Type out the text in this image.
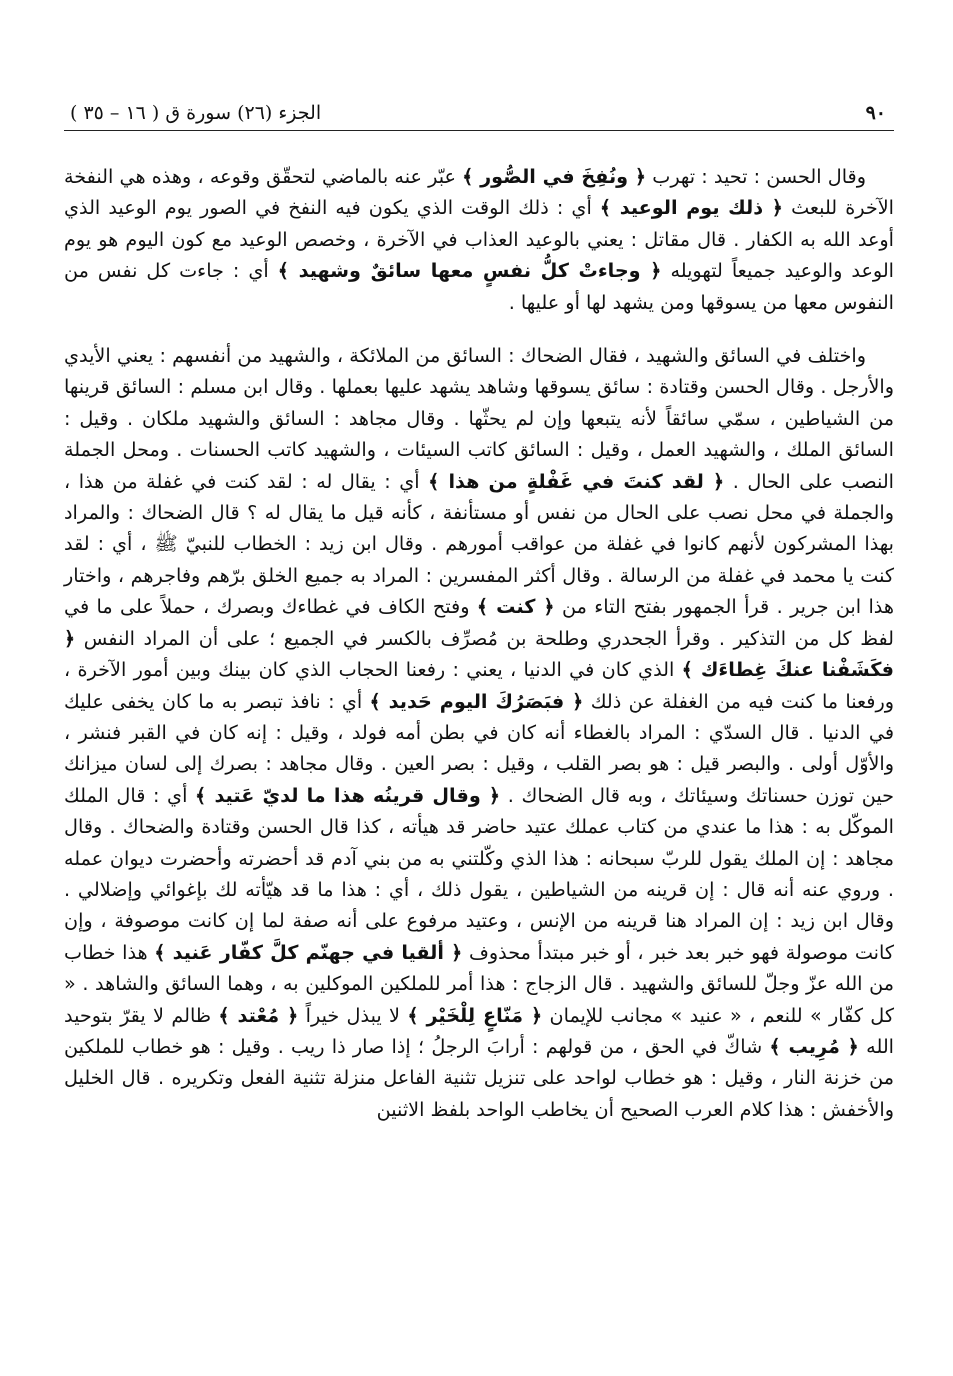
٩٠
الجزء (٢٦) سورة ق ( ١٦ – ٣٥ )

وقال الحسن : تحيد : تهرب ﴿ ونُفِخَ في الصُّور ﴾ عبّر عنه بالماضي لتحقّق وقوعه ، وهذه هي النفخة الآخرة للبعث ﴿ ذلك يوم الوعيد ﴾ أي : ذلك الوقت الذي يكون فيه النفخ في الصور يوم الوعيد الذي أوعد الله به الكفار . قال مقاتل : يعني بالوعيد العذاب في الآخرة ، وخصص الوعيد مع كون اليوم هو يوم الوعد والوعيد جميعاً لتهويله ﴿ وجاءتْ كلُّ نفسٍ معها سائقٌ وشهيد ﴾ أي : جاءت كل نفس من النفوس معها من يسوقها ومن يشهد لها أو عليها .

واختلف في السائق والشهيد ، فقال الضحاك : السائق من الملائكة ، والشهيد من أنفسهم : يعني الأيدي والأرجل . وقال الحسن وقتادة : سائق يسوقها وشاهد يشهد عليها بعملها . وقال ابن مسلم : السائق قرينها من الشياطين ، سمّي سائقاً لأنه يتبعها وإن لم يحثّها . وقال مجاهد : السائق والشهيد ملكان . وقيل : السائق الملك ، والشهيد العمل ، وقيل : السائق كاتب السيئات ، والشهيد كاتب الحسنات . ومحل الجملة النصب على الحال . ﴿ لقد كنتَ في غَفْلةٍ من هذا ﴾ أي : يقال له : لقد كنت في غفلة من هذا ، والجملة في محل نصب على الحال من نفس أو مستأنفة ، كأنه قيل ما يقال له ؟ قال الضحاك : والمراد بهذا المشركون لأنهم كانوا في غفلة من عواقب أمورهم . وقال ابن زيد : الخطاب للنبيّ ﷺ ، أي : لقد كنت يا محمد في غفلة من الرسالة . وقال أكثر المفسرين : المراد به جميع الخلق برّهم وفاجرهم ، واختار هذا ابن جرير . قرأ الجمهور بفتح التاء من ﴿ كنت ﴾ وفتح الكاف في غطاءك وبصرك ، حملاً على ما في لفظ كل من التذكير . وقرأ الجحدري وطلحة بن مُصرِّف بالكسر في الجميع ؛ على أن المراد النفس ﴿ فكَشَفْنا عنكَ غِطاءَك ﴾ الذي كان في الدنيا ، يعني : رفعنا الحجاب الذي كان بينك وبين أمور الآخرة ، ورفعنا ما كنت فيه من الغفلة عن ذلك ﴿ فبَصَرُكَ اليوم حَديد ﴾ أي : نافذ تبصر به ما كان يخفى عليك في الدنيا . قال السدّي : المراد بالغطاء أنه كان في بطن أمه فولد ، وقيل : إنه كان في القبر فنشر ، والأوّل أولى . والبصر قيل : هو بصر القلب ، وقيل : بصر العين . وقال مجاهد : بصرك إلى لسان ميزانك حين توزن حسناتك وسيئاتك ، وبه قال الضحاك . ﴿ وقال قرينُه هذا ما لديّ عَتيد ﴾ أي : قال الملك الموكّل به : هذا ما عندي من كتاب عملك عتيد حاضر قد هيأته ، كذا قال الحسن وقتادة والضحاك . وقال مجاهد : إن الملك يقول للربّ سبحانه : هذا الذي وكّلتني به من بني آدم قد أحضرته وأحضرت ديوان عمله . وروي عنه أنه قال : إن قرينه من الشياطين ، يقول ذلك ، أي : هذا ما قد هيّأته لك بإغوائي وإضلالي . وقال ابن زيد : إن المراد هنا قرينه من الإنس ، وعتيد مرفوع على أنه صفة لما إن كانت موصوفة ، وإن كانت موصولة فهو خبر بعد خبر ، أو خبر مبتدأ محذوف ﴿ ألقيا في جهنّم كلَّ كفّار عَنيد ﴾ هذا خطاب من الله عزّ وجلّ للسائق والشهيد . قال الزجاج : هذا أمر للملكين الموكلين به ، وهما السائق والشاهد . « كل كفّار » للنعم ، « عنيد » مجانب للإيمان ﴿ مَنّاعٍ لِلْخَيْر ﴾ لا يبذل خيراً ﴿ مُعْتد ﴾ ظالم لا يقرّ بتوحيد الله ﴿ مُرِيب ﴾ شاكّ في الحق ، من قولهم : أرابَ الرجلُ ؛ إذا صار ذا ريب . وقيل : هو خطاب للملكين من خزنة النار ، وقيل : هو خطاب لواحد على تنزيل تثنية الفاعل منزلة تثنية الفعل وتكريره . قال الخليل والأخفش : هذا كلام العرب الصحيح أن يخاطب الواحد بلفظ الاثنين
